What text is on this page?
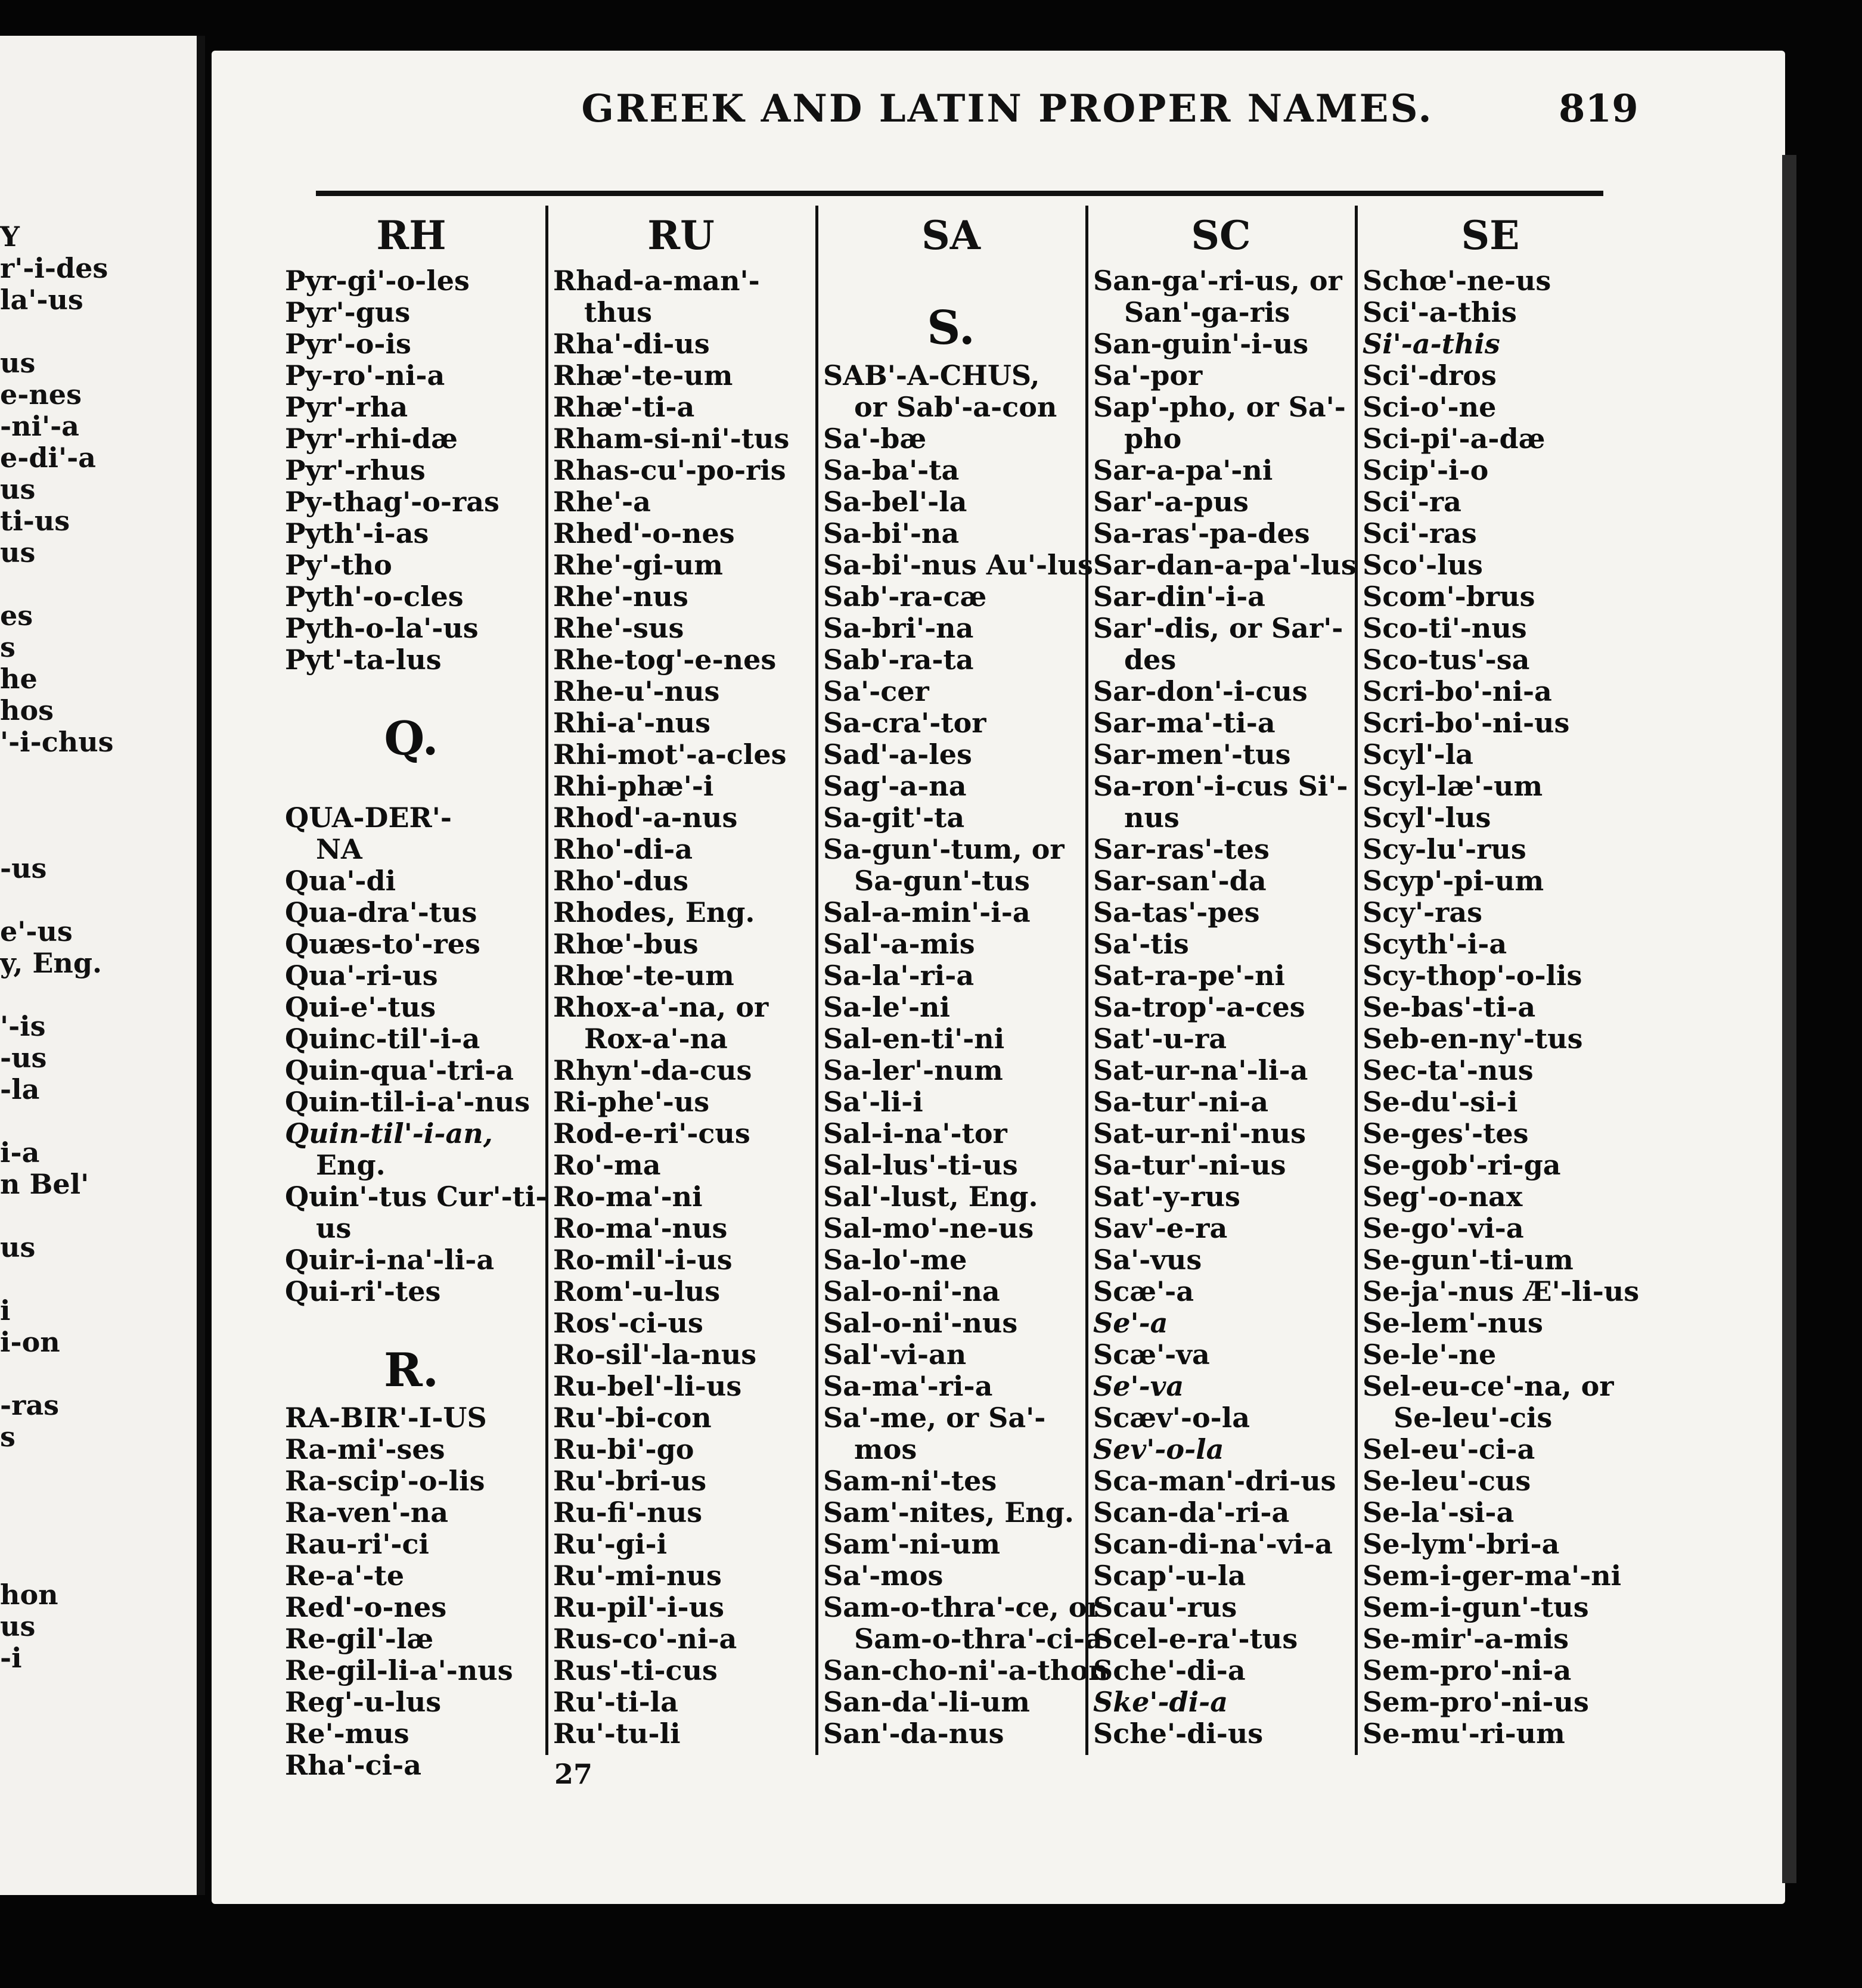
Y
r'-i-des
la'-us
us
e-nes
-ni'-a
e-di'-a
us
ti-us
us
es
s
he
hos
'-i-chus
-us
e'-us
y, Eng.
'-is
-us
-la
i-a
n Bel'
us
i
i-on
-ras
s
hon
us
-i
GREEK AND LATIN PROPER NAMES.	819
RH
Pyr-gi'-o-les
Pyr'-gus
Pyr'-o-is
Py-ro'-ni-a
Pyr'-rha
Pyr'-rhi-dæ
Pyr'-rhus
Py-thag'-o-ras
Pyth'-i-as
Py'-tho
Pyth'-o-cles
Pyth-o-la'-us
Pyt'-ta-lus
Q.
QUA-DER'-
NA
Qua'-di
Qua-dra'-tus
Quæs-to'-res
Qua'-ri-us
Qui-e'-tus
Quinc-til'-i-a
Quin-qua'-tri-a
Quin-til-i-a'-nus
Quin-til'-i-an,
Eng.
Quin'-tus Cur'-ti-
us
Quir-i-na'-li-a
Qui-ri'-tes
R.
RA-BIR'-I-US
Ra-mi'-ses
Ra-scip'-o-lis
Ra-ven'-na
Rau-ri'-ci
Re-a'-te
Red'-o-nes
Re-gil'-læ
Re-gil-li-a'-nus
Reg'-u-lus
Re'-mus
Rha'-ci-a
RU
Rhad-a-man'-
thus
Rha'-di-us
Rhæ'-te-um
Rhæ'-ti-a
Rham-si-ni'-tus
Rhas-cu'-po-ris
Rhe'-a
Rhed'-o-nes
Rhe'-gi-um
Rhe'-nus
Rhe'-sus
Rhe-tog'-e-nes
Rhe-u'-nus
Rhi-a'-nus
Rhi-mot'-a-cles
Rhi-phæ'-i
Rhod'-a-nus
Rho'-di-a
Rho'-dus
Rhodes, Eng.
Rhœ'-bus
Rhœ'-te-um
Rhox-a'-na, or
Rox-a'-na
Rhyn'-da-cus
Ri-phe'-us
Rod-e-ri'-cus
Ro'-ma
Ro-ma'-ni
Ro-ma'-nus
Ro-mil'-i-us
Rom'-u-lus
Ros'-ci-us
Ro-sil'-la-nus
Ru-bel'-li-us
Ru'-bi-con
Ru-bi'-go
Ru'-bri-us
Ru-fi'-nus
Ru'-gi-i
Ru'-mi-nus
Ru-pil'-i-us
Rus-co'-ni-a
Rus'-ti-cus
Ru'-ti-la
Ru'-tu-li
SA
S.
SAB'-A-CHUS,
or Sab'-a-con
Sa'-bæ
Sa-ba'-ta
Sa-bel'-la
Sa-bi'-na
Sa-bi'-nus Au'-lus
Sab'-ra-cæ
Sa-bri'-na
Sab'-ra-ta
Sa'-cer
Sa-cra'-tor
Sad'-a-les
Sag'-a-na
Sa-git'-ta
Sa-gun'-tum, or
Sa-gun'-tus
Sal-a-min'-i-a
Sal'-a-mis
Sa-la'-ri-a
Sa-le'-ni
Sal-en-ti'-ni
Sa-ler'-num
Sa'-li-i
Sal-i-na'-tor
Sal-lus'-ti-us
Sal'-lust, Eng.
Sal-mo'-ne-us
Sa-lo'-me
Sal-o-ni'-na
Sal-o-ni'-nus
Sal'-vi-an
Sa-ma'-ri-a
Sa'-me, or Sa'-
mos
Sam-ni'-tes
Sam'-nites, Eng.
Sam'-ni-um
Sa'-mos
Sam-o-thra'-ce, or
Sam-o-thra'-ci-a
San-cho-ni'-a-thon
San-da'-li-um
San'-da-nus
SC
San-ga'-ri-us, or
San'-ga-ris
San-guin'-i-us
Sa'-por
Sap'-pho, or Sa'-
pho
Sar-a-pa'-ni
Sar'-a-pus
Sa-ras'-pa-des
Sar-dan-a-pa'-lus
Sar-din'-i-a
Sar'-dis, or Sar'-
des
Sar-don'-i-cus
Sar-ma'-ti-a
Sar-men'-tus
Sa-ron'-i-cus Si'-
nus
Sar-ras'-tes
Sar-san'-da
Sa-tas'-pes
Sa'-tis
Sat-ra-pe'-ni
Sa-trop'-a-ces
Sat'-u-ra
Sat-ur-na'-li-a
Sa-tur'-ni-a
Sat-ur-ni'-nus
Sa-tur'-ni-us
Sat'-y-rus
Sav'-e-ra
Sa'-vus
Scæ'-a
Se'-a
Scæ'-va
Se'-va
Scæv'-o-la
Sev'-o-la
Sca-man'-dri-us
Scan-da'-ri-a
Scan-di-na'-vi-a
Scap'-u-la
Scau'-rus
Scel-e-ra'-tus
Sche'-di-a
Ske'-di-a
Sche'-di-us
SE
Schœ'-ne-us
Sci'-a-this
Si'-a-this
Sci'-dros
Sci-o'-ne
Sci-pi'-a-dæ
Scip'-i-o
Sci'-ra
Sci'-ras
Sco'-lus
Scom'-brus
Sco-ti'-nus
Sco-tus'-sa
Scri-bo'-ni-a
Scri-bo'-ni-us
Scyl'-la
Scyl-læ'-um
Scyl'-lus
Scy-lu'-rus
Scyp'-pi-um
Scy'-ras
Scyth'-i-a
Scy-thop'-o-lis
Se-bas'-ti-a
Seb-en-ny'-tus
Sec-ta'-nus
Se-du'-si-i
Se-ges'-tes
Se-gob'-ri-ga
Seg'-o-nax
Se-go'-vi-a
Se-gun'-ti-um
Se-ja'-nus Æ'-li-us
Se-lem'-nus
Se-le'-ne
Sel-eu-ce'-na, or
Se-leu'-cis
Sel-eu'-ci-a
Se-leu'-cus
Se-la'-si-a
Se-lym'-bri-a
Sem-i-ger-ma'-ni
Sem-i-gun'-tus
Se-mir'-a-mis
Sem-pro'-ni-a
Sem-pro'-ni-us
Se-mu'-ri-um
27
